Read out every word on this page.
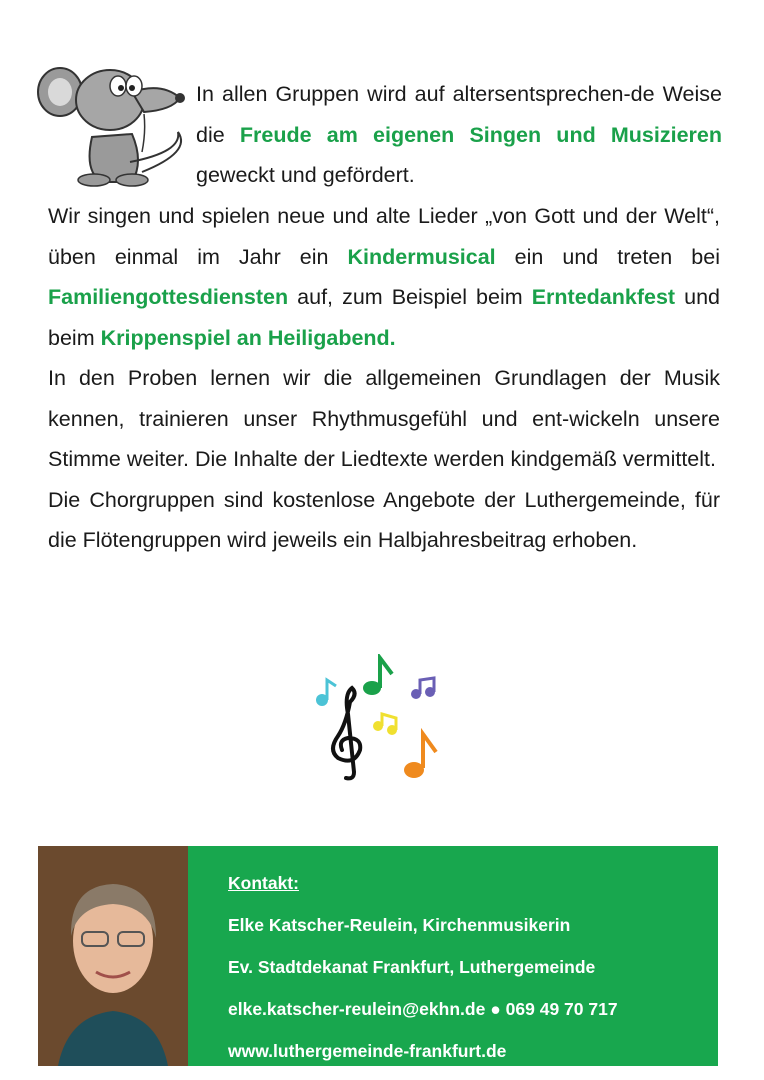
In allen Gruppen wird auf altersentsprechen-de Weise die Freude am eigenen Singen und Musizieren geweckt und gefördert.

Wir singen und spielen neue und alte Lieder „von Gott und der Welt“, üben einmal im Jahr ein Kindermusical ein und treten bei Familiengottesdiensten auf, zum Beispiel beim Erntedankfest und beim Krippenspiel an Heiligabend.

In den Proben lernen wir die allgemeinen Grundlagen der Musik kennen, trainieren unser Rhythmusgefühl und ent-wickeln unsere Stimme weiter. Die Inhalte der Liedtexte werden kindgemäß vermittelt.

Die Chorgruppen sind kostenlose Angebote der Luthergemeinde, für die Flötengruppen wird jeweils ein Halbjahresbeitrag erhoben.

Kontakt:
Elke Katscher-Reulein, Kirchenmusikerin
Ev. Stadtdekanat Frankfurt, Luthergemeinde
elke.katscher-reulein@ekhn.de ● 069 49 70 717
www.luthergemeinde-frankfurt.de
